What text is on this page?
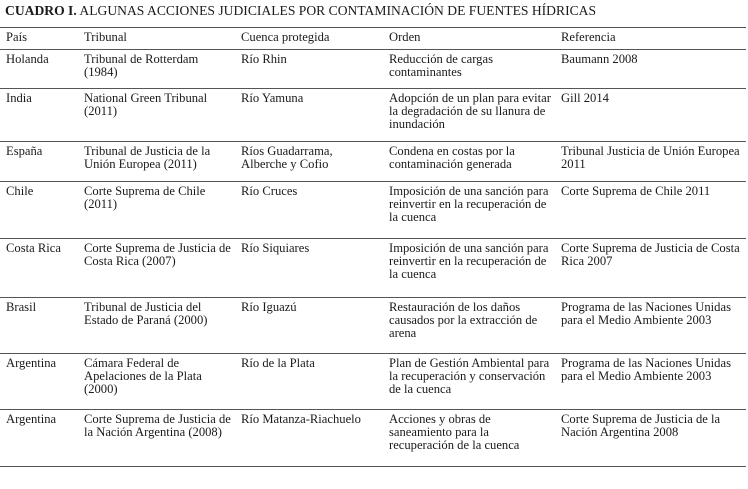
CUADRO I. ALGUNAS ACCIONES JUDICIALES POR CONTAMINACIÓN DE FUENTES HÍDRICAS
País	Tribunal	Cuenca protegida	Orden	Referencia
Holanda	Tribunal de Rotterdam (1984)	Río Rhin	Reducción de cargas contaminantes	Baumann 2008
India	National Green Tribunal (2011)	Río Yamuna	Adopción de un plan para evitar la degradación de su llanura de inundación	Gill 2014
España	Tribunal de Justicia de la Unión Europea (2011)	Ríos Guadarrama, Alberche y Cofio	Condena en costas por la contaminación generada	Tribunal Justicia de Unión Europea 2011
Chile	Corte Suprema de Chile (2011)	Río Cruces	Imposición de una sanción para reinvertir en la recuperación de la cuenca	Corte Suprema de Chile 2011
Costa Rica	Corte Suprema de Justicia de Costa Rica (2007)	Río Siquiares	Imposición de una sanción para reinvertir en la recuperación de la cuenca	Corte Suprema de Justicia de Costa Rica 2007
Brasil	Tribunal de Justicia del Estado de Paraná (2000)	Río Iguazú	Restauración de los daños causados por la extracción de arena	Programa de las Naciones Unidas para el Medio Ambiente 2003
Argentina	Cámara Federal de Apelaciones de la Plata (2000)	Río de la Plata	Plan de Gestión Ambiental para la recuperación y conservación de la cuenca	Programa de las Naciones Unidas para el Medio Ambiente 2003
Argentina	Corte Suprema de Justicia de la Nación Argentina (2008)	Río Matanza-Riachuelo	Acciones y obras de saneamiento para la recuperación de la cuenca	Corte Suprema de Justicia de la Nación Argentina 2008
